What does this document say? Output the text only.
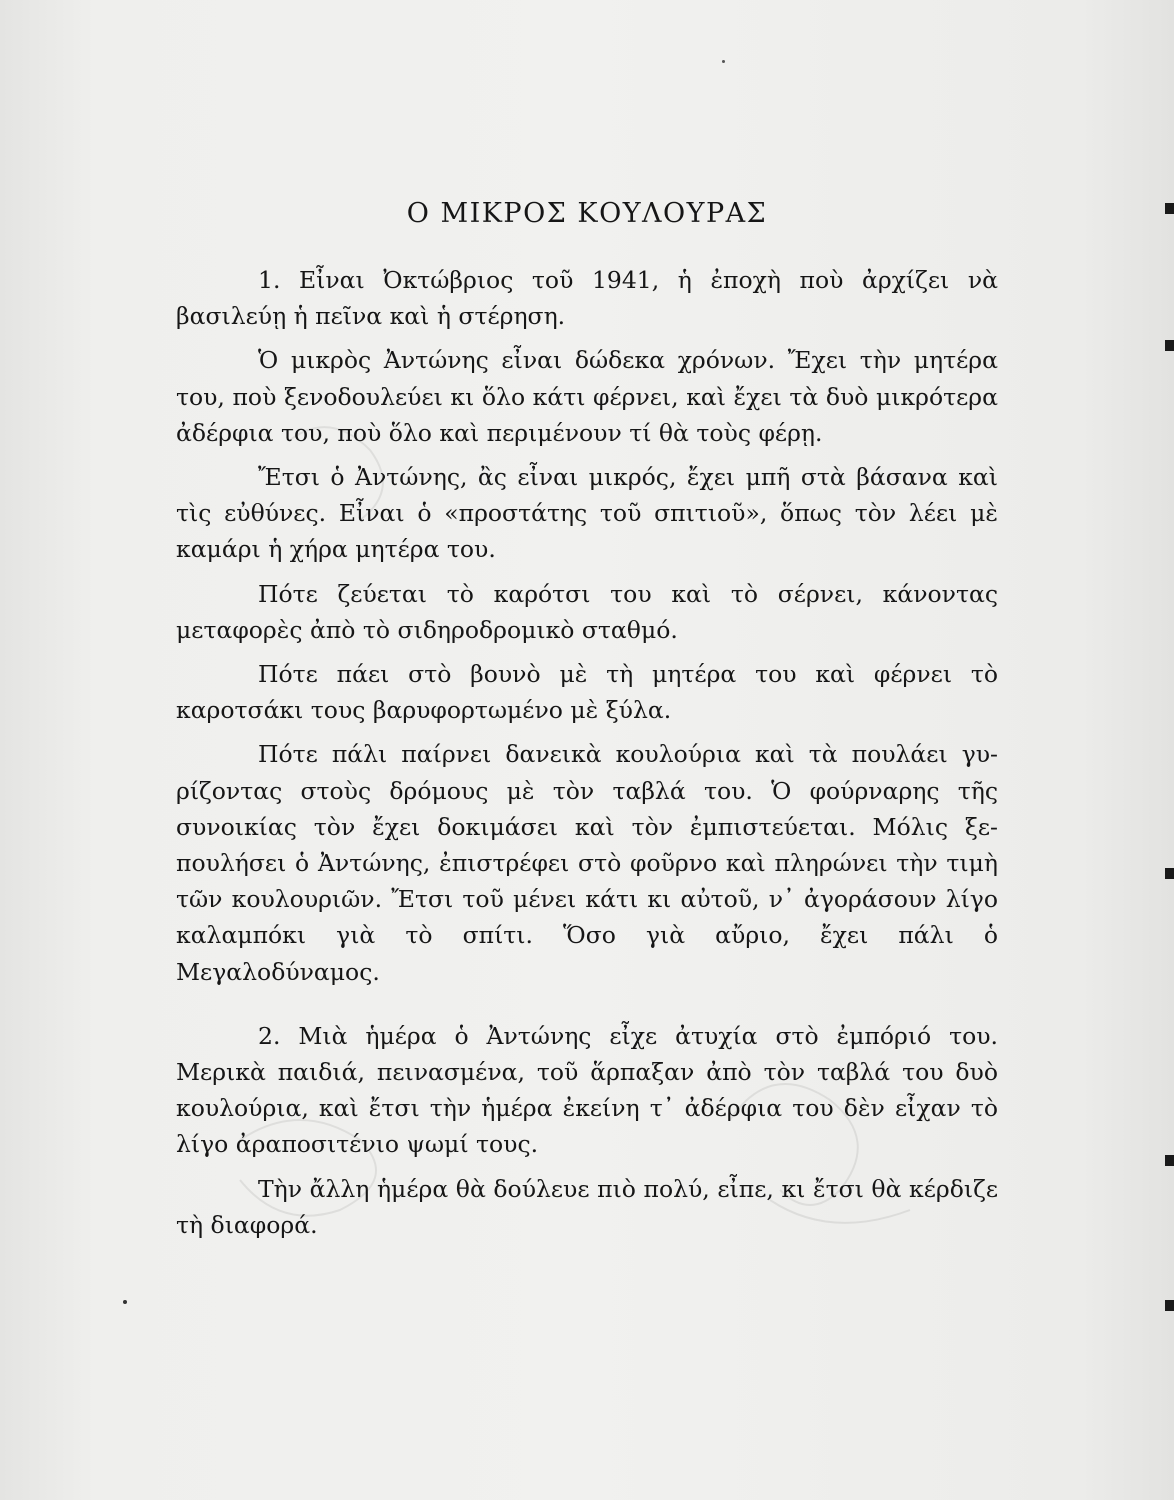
Ο ΜΙΚΡΟΣ ΚΟΥΛΟΥΡΑΣ

1. Εἶναι Ὀκτώβριος τοῦ 1941, ἡ ἐποχὴ ποὺ ἀρχίζει νὰ βασιλεύῃ ἡ πεῖνα καὶ ἡ στέρηση.

Ὁ μικρὸς Ἀντώνης εἶναι δώδεκα χρόνων. Ἔχει τὴν μητέρα του, ποὺ ξενοδουλεύει κι ὅλο κάτι φέρνει, καὶ ἔχει τὰ δυὸ μικρότερα ἀδέρφια του, ποὺ ὅλο καὶ περιμένουν τί θὰ τοὺς φέρῃ.

Ἔτσι ὁ Ἀντώνης, ἂς εἶναι μικρός, ἔχει μπῆ στὰ βάσανα καὶ τὶς εὐθύνες. Εἶναι ὁ «προστάτης τοῦ σπιτιοῦ», ὅπως τὸν λέει μὲ καμάρι ἡ χήρα μητέρα του.

Πότε ζεύεται τὸ καρότσι του καὶ τὸ σέρνει, κάνοντας μεταφορὲς ἀπὸ τὸ σιδηροδρομικὸ σταθμό.

Πότε πάει στὸ βουνὸ μὲ τὴ μητέρα του καὶ φέρνει τὸ καροτσάκι τους βαρυφορτωμένο μὲ ξύλα.

Πότε πάλι παίρνει δανεικὰ κουλούρια καὶ τὰ πουλάει γυρίζοντας στοὺς δρόμους μὲ τὸν ταβλά του. Ὁ φούρναρης τῆς συνοικίας τὸν ἔχει δοκιμάσει καὶ τὸν ἐμπιστεύεται. Μόλις ξεπουλήσει ὁ Ἀντώνης, ἐπιστρέφει στὸ φοῦρνο καὶ πληρώνει τὴν τιμὴ τῶν κουλουριῶν. Ἔτσι τοῦ μένει κάτι κι αὐτοῦ, ν᾽ ἀγοράσουν λίγο καλαμπόκι γιὰ τὸ σπίτι. Ὅσο γιὰ αὔριο, ἔχει πάλι ὁ Μεγαλοδύναμος.

2. Μιὰ ἡμέρα ὁ Ἀντώνης εἶχε ἀτυχία στὸ ἐμπόριό του. Μερικὰ παιδιά, πεινασμένα, τοῦ ἅρπαξαν ἀπὸ τὸν ταβλά του δυὸ κουλούρια, καὶ ἔτσι τὴν ἡμέρα ἐκείνη τ᾽ ἀδέρφια του δὲν εἶχαν τὸ λίγο ἀραποσιτένιο ψωμί τους.

Τὴν ἄλλη ἡμέρα θὰ δούλευε πιὸ πολύ, εἶπε, κι ἔτσι θὰ κέρδιζε τὴ διαφορά.
